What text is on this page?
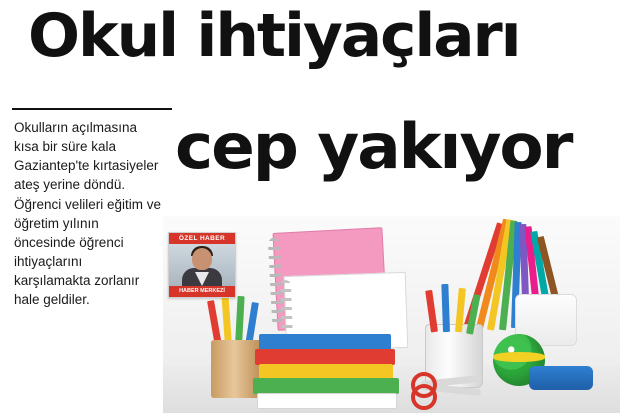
Okul ihtiyaçları
cep yakıyor
Okulların açılmasına kısa bir süre kala Gaziantep'te kırtasiyeler ateş yerine döndü. Öğrenci velileri eğitim ve öğretim yılının öncesinde öğrenci ihtiyaçlarını karşılamakta zorlanır hale geldiler.
ÖZEL HABER
HABER MERKEZİ
